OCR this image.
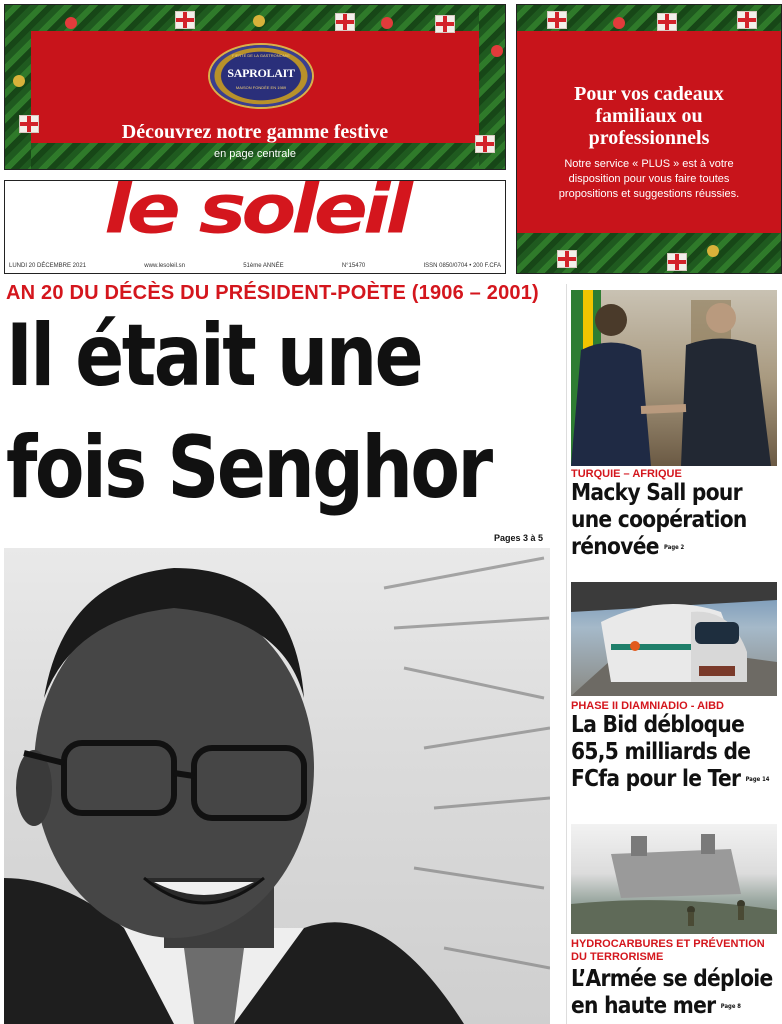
FIERTÉ DE LA GASTRONOMIE
SAPROLAIT
MAISON FONDÉE EN 1989
Découvrez notre gamme festive
en page centrale
Pour vos cadeaux familiaux ou professionnels
Notre service « PLUS » est à votre disposition pour vous faire toutes propositions et suggestions réussies.
le soleil
LUNDI 20 DÉCEMBRE 2021	www.lesoleil.sn	51ème ANNÉE	N°15470	ISSN 0850/0704 • 200 F.CFA
AN 20 DU DÉCÈS DU PRÉSIDENT-POÈTE (1906 – 2001)
Il était une
fois Senghor
Pages 3 à 5
TURQUIE – AFRIQUE
Macky Sall pour
une coopération
rénovée Page 2
PHASE II DIAMNIADIO - AIBD
La Bid débloque
65,5 milliards de
FCfa pour le Ter Page 14
HYDROCARBURES ET PRÉVENTION DU TERRORISME
L’Armée se déploie
en haute mer Page 8
